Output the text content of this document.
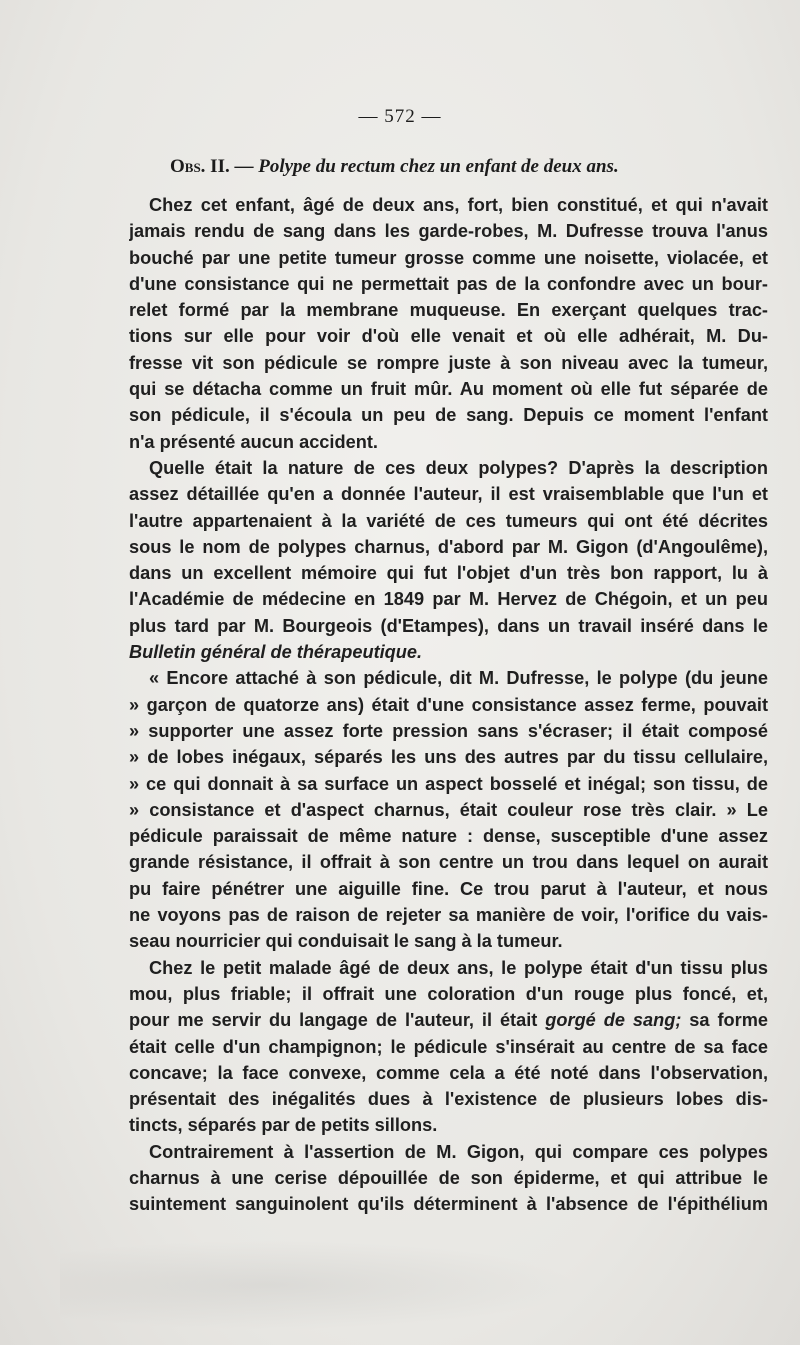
— 572 —
Obs. II. — Polype du rectum chez un enfant de deux ans.
Chez cet enfant, âgé de deux ans, fort, bien constitué, et qui n'avait
jamais rendu de sang dans les garde-robes, M. Dufresse trouva l'anus
bouché par une petite tumeur grosse comme une noisette, violacée, et
d'une consistance qui ne permettait pas de la confondre avec un bour-
relet formé par la membrane muqueuse. En exerçant quelques trac-
tions sur elle pour voir d'où elle venait et où elle adhérait, M. Du-
fresse vit son pédicule se rompre juste à son niveau avec la tumeur,
qui se détacha comme un fruit mûr. Au moment où elle fut séparée de
son pédicule, il s'écoula un peu de sang. Depuis ce moment l'enfant
n'a présenté aucun accident.
Quelle était la nature de ces deux polypes? D'après la description
assez détaillée qu'en a donnée l'auteur, il est vraisemblable que l'un et
l'autre appartenaient à la variété de ces tumeurs qui ont été décrites
sous le nom de polypes charnus, d'abord par M. Gigon (d'Angoulême),
dans un excellent mémoire qui fut l'objet d'un très bon rapport, lu à
l'Académie de médecine en 1849 par M. Hervez de Chégoin, et un peu
plus tard par M. Bourgeois (d'Etampes), dans un travail inséré dans le
Bulletin général de thérapeutique.
« Encore attaché à son pédicule, dit M. Dufresse, le polype (du jeune
» garçon de quatorze ans) était d'une consistance assez ferme, pouvait
» supporter une assez forte pression sans s'écraser; il était composé
» de lobes inégaux, séparés les uns des autres par du tissu cellulaire,
» ce qui donnait à sa surface un aspect bosselé et inégal; son tissu, de
» consistance et d'aspect charnus, était couleur rose très clair. » Le
pédicule paraissait de même nature : dense, susceptible d'une assez
grande résistance, il offrait à son centre un trou dans lequel on aurait
pu faire pénétrer une aiguille fine. Ce trou parut à l'auteur, et nous
ne voyons pas de raison de rejeter sa manière de voir, l'orifice du vais-
seau nourricier qui conduisait le sang à la tumeur.
Chez le petit malade âgé de deux ans, le polype était d'un tissu plus
mou, plus friable; il offrait une coloration d'un rouge plus foncé, et,
pour me servir du langage de l'auteur, il était gorgé de sang; sa forme
était celle d'un champignon; le pédicule s'insérait au centre de sa face
concave; la face convexe, comme cela a été noté dans l'observation,
présentait des inégalités dues à l'existence de plusieurs lobes dis-
tincts, séparés par de petits sillons.
Contrairement à l'assertion de M. Gigon, qui compare ces polypes
charnus à une cerise dépouillée de son épiderme, et qui attribue le
suintement sanguinolent qu'ils déterminent à l'absence de l'épithélium
